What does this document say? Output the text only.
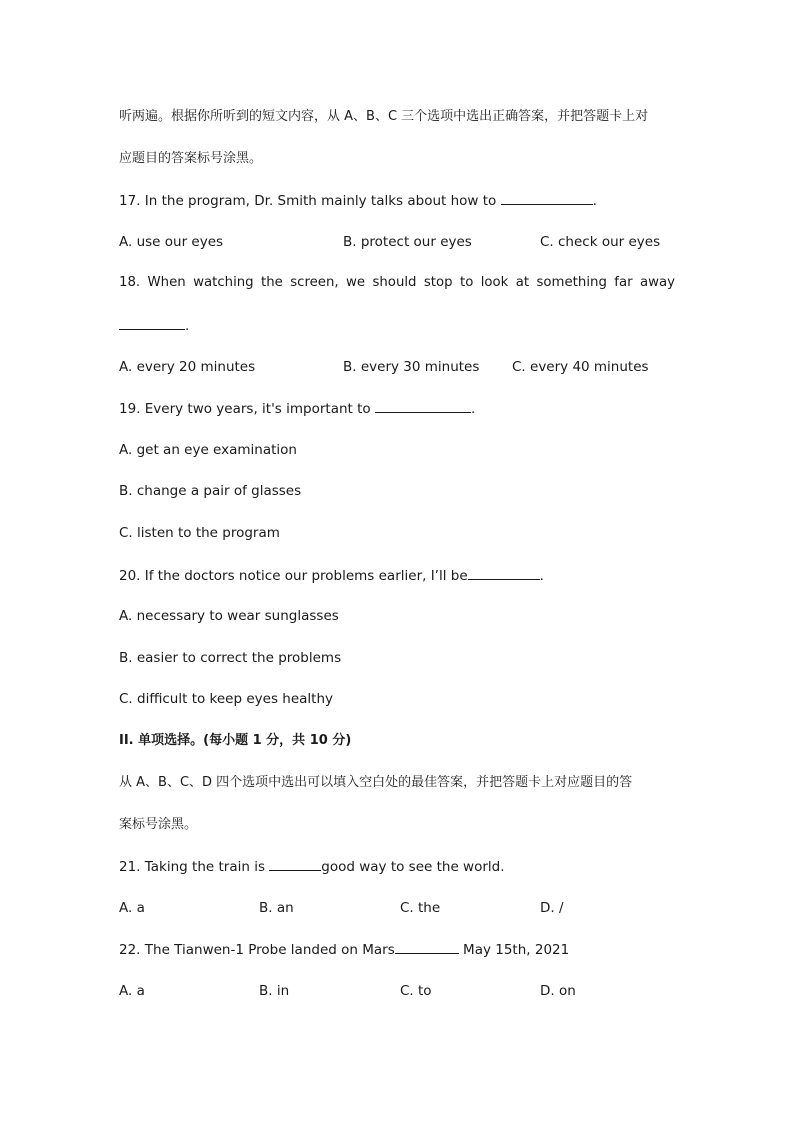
听两遍。根据你所听到的短文内容，从 A、B、C 三个选项中选出正确答案，并把答题卡上对
应题目的答案标号涂黑。
17. In the program, Dr. Smith mainly talks about how to	.
A. use our eyes	B. protect our eyes	C. check our eyes
18. When watching the screen, we should stop to look at something far away
.
A. every 20 minutes	B. every 30 minutes C. every 40 minutes
19. Every two years, it's important to	.
A. get an eye examination
B. change a pair of glasses
C. listen to the program
20. If the doctors notice our problems earlier, I’ll be	.
A. necessary to wear sunglasses
B. easier to correct the problems
C. difficult to keep eyes healthy
II. 单项选择。(每小题 1 分，共 10 分)
从 A、B、C、D 四个选项中选出可以填入空白处的最佳答案，并把答题卡上对应题目的答
案标号涂黑。
21. Taking the train is	good way to see the world.
A. a	B. an	C. the	D. /
22. The Tianwen-1 Probe landed on Mars	May 15th, 2021
A. a	B. in	C. to	D. on
